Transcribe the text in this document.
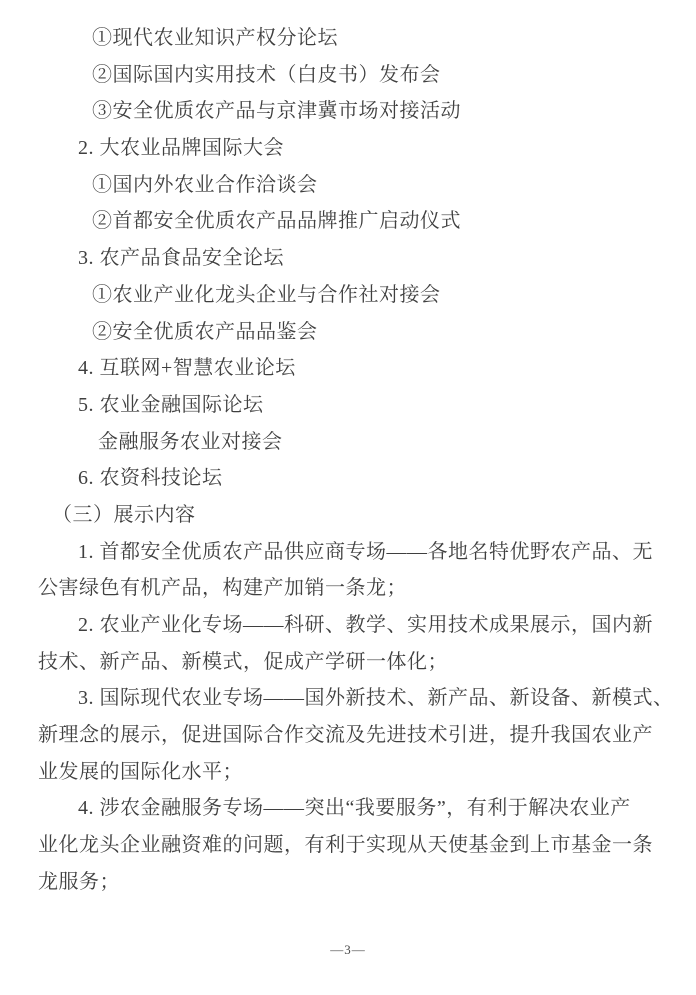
①现代农业知识产权分论坛
②国际国内实用技术（白皮书）发布会
③安全优质农产品与京津冀市场对接活动
2. 大农业品牌国际大会
①国内外农业合作洽谈会
②首都安全优质农产品品牌推广启动仪式
3. 农产品食品安全论坛
①农业产业化龙头企业与合作社对接会
②安全优质农产品品鉴会
4. 互联网+智慧农业论坛
5. 农业金融国际论坛
金融服务农业对接会
6. 农资科技论坛
（三）展示内容
1. 首都安全优质农产品供应商专场——各地名特优野农产品、无
公害绿色有机产品，构建产加销一条龙；
2. 农业产业化专场——科研、教学、实用技术成果展示，国内新
技术、新产品、新模式，促成产学研一体化；
3. 国际现代农业专场——国外新技术、新产品、新设备、新模式、
新理念的展示，促进国际合作交流及先进技术引进，提升我国农业产
业发展的国际化水平；
4. 涉农金融服务专场——突出“我要服务”，有利于解决农业产
业化龙头企业融资难的问题，有利于实现从天使基金到上市基金一条
龙服务；
—3—
